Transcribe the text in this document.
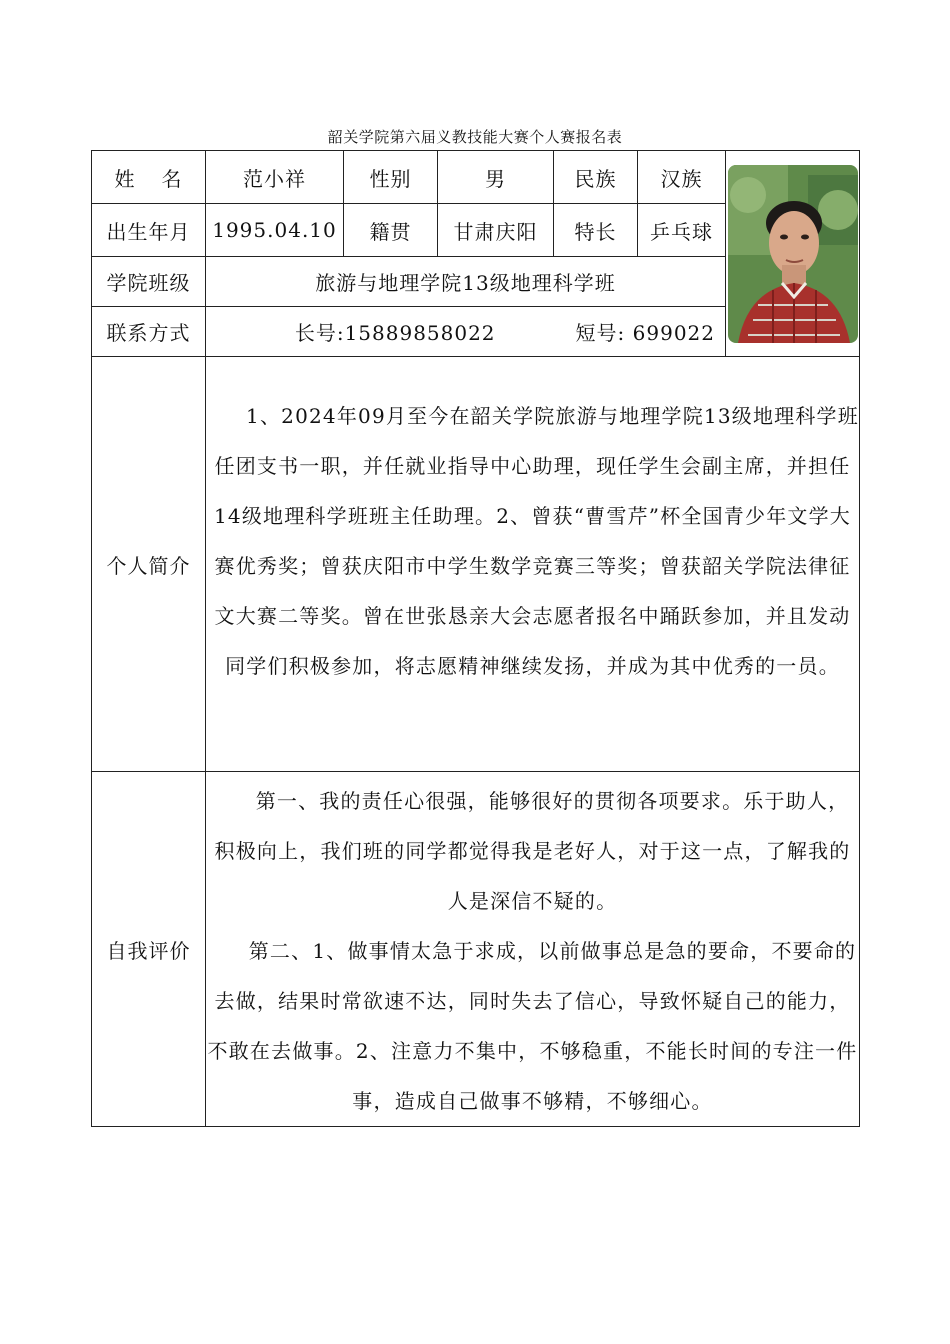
韶关学院第六届义教技能大赛个人赛报名表
姓 名	范小祥	性别	男	民族	汉族	

出生年月	1995.04.10	籍贯	甘肃庆阳	特长	乒乓球	
学院班级	旅游与地理学院13级地理科学班					
联系方式	长号:15889858022 短号: 699022					

个人简介	1、2024年09月至今在韶关学院旅游与地理学院13级地理科学班任团支书一职，并任就业指导中心助理，现任学生会副主席，并担任14级地理科学班班主任助理。2、曾获“曹雪芹”杯全国青少年文学大赛优秀奖；曾获庆阳市中学生数学竞赛三等奖；曾获韶关学院法律征文大赛二等奖。曾在世张恳亲大会志愿者报名中踊跃参加，并且发动同学们积极参加，将志愿精神继续发扬，并成为其中优秀的一员。					

自我评价	第一、我的责任心很强，能够很好的贯彻各项要求。乐于助人，积极向上，我们班的同学都觉得我是老好人，对于这一点，了解我的人是深信不疑的。

第二、1、做事情太急于求成，以前做事总是急的要命，不要命的去做，结果时常欲速不达，同时失去了信心，导致怀疑自己的能力，不敢在去做事。2、注意力不集中，不够稳重，不能长时间的专注一件事，造成自己做事不够精，不够细心。					
